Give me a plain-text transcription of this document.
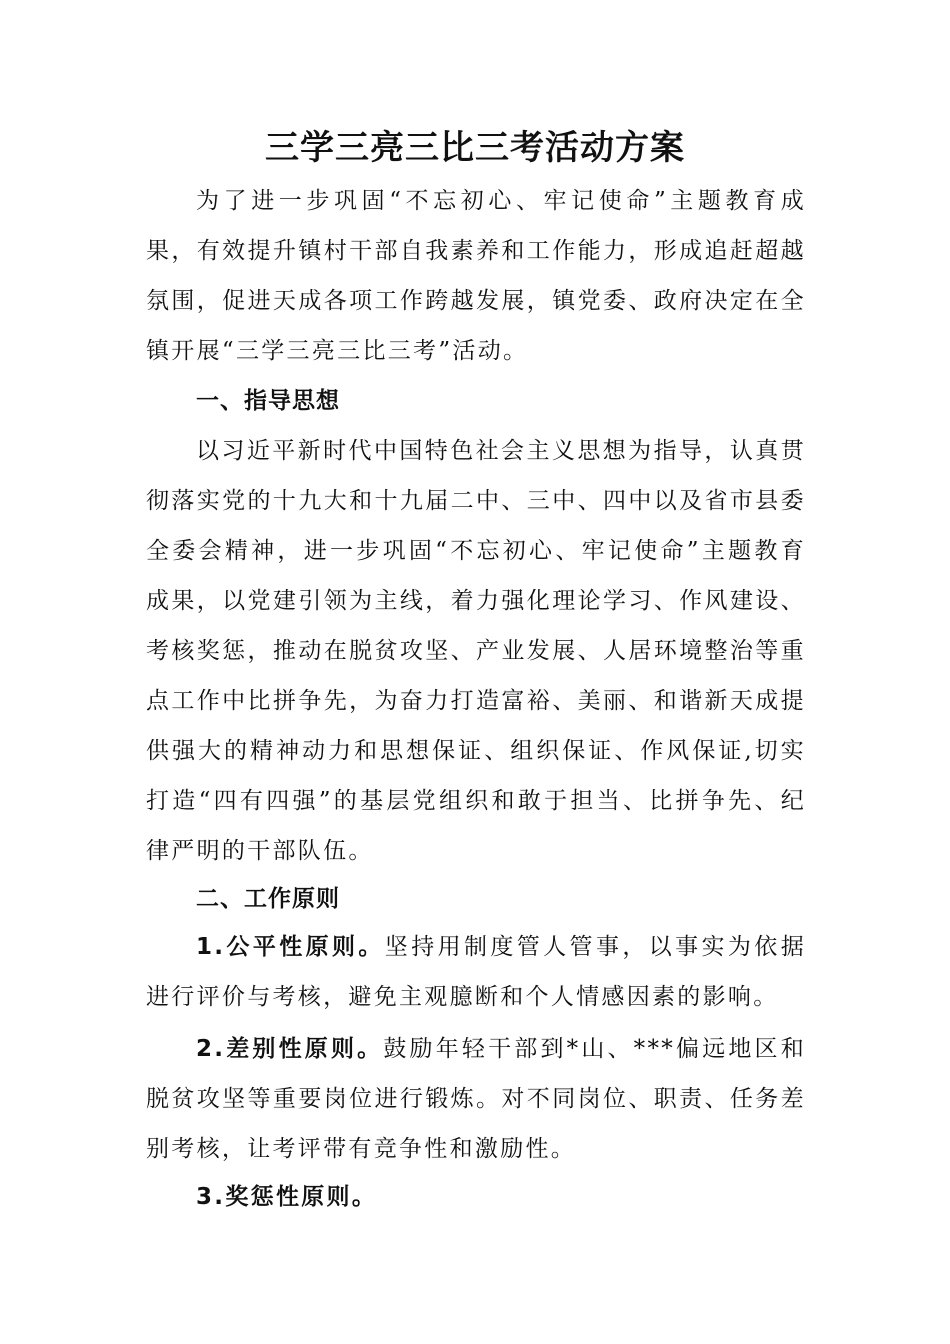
三学三亮三比三考活动方案
为了进一步巩固“不忘初心、牢记使命”主题教育成果，有效提升镇村干部自我素养和工作能力，形成追赶超越氛围，促进天成各项工作跨越发展，镇党委、政府决定在全镇开展“三学三亮三比三考”活动。
一、指导思想
以习近平新时代中国特色社会主义思想为指导，认真贯彻落实党的十九大和十九届二中、三中、四中以及省市县委全委会精神，进一步巩固“不忘初心、牢记使命”主题教育成果，以党建引领为主线，着力强化理论学习、作风建设、考核奖惩，推动在脱贫攻坚、产业发展、人居环境整治等重点工作中比拼争先，为奋力打造富裕、美丽、和谐新天成提供强大的精神动力和思想保证、组织保证、作风保证,切实打造“四有四强”的基层党组织和敢于担当、比拼争先、纪律严明的干部队伍。
二、工作原则
1.公平性原则。坚持用制度管人管事，以事实为依据进行评价与考核，避免主观臆断和个人情感因素的影响。
2.差别性原则。鼓励年轻干部到*山、***偏远地区和脱贫攻坚等重要岗位进行锻炼。对不同岗位、职责、任务差别考核，让考评带有竞争性和激励性。
3.奖惩性原则。
